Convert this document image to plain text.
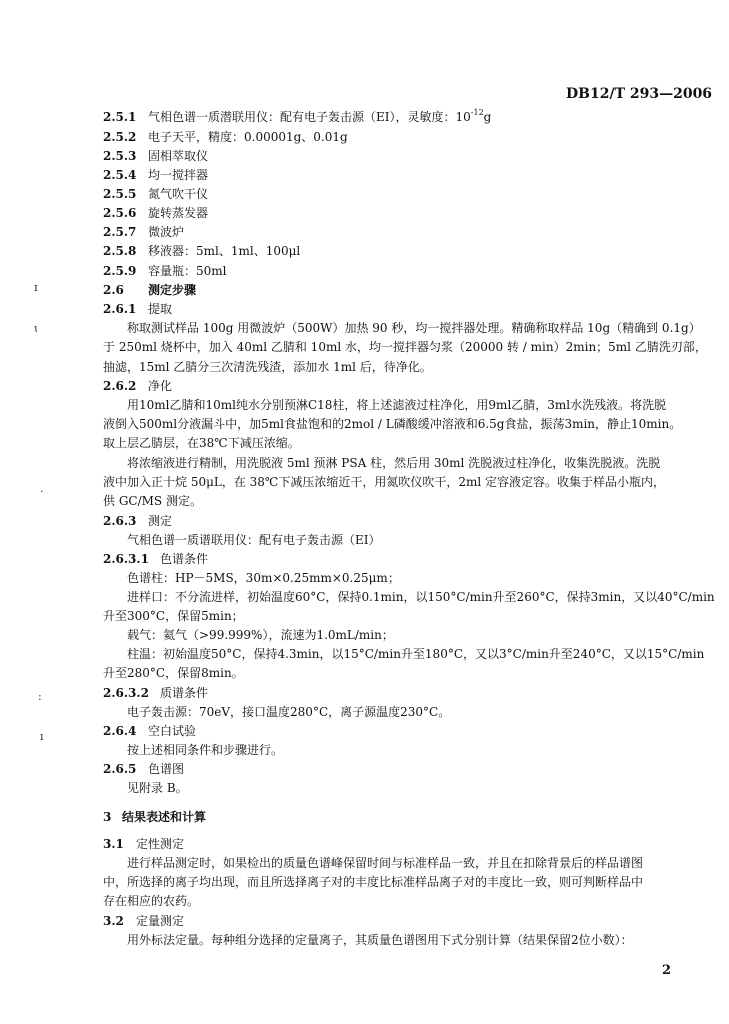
DB12/T 293—2006
2.5.1 气相色谱一质潜联用仪：配有电子轰击源（EI），灵敏度：$10^{-12}g$
2.5.2 电子天平，精度：0.00001g、0.01g
2.5.3 固相萃取仪
2.5.4 均一搅拌器
2.5.5 氮气吹干仪
2.5.6 旋转蒸发器
2.5.7 微波炉
2.5.8 移液器：5ml、1ml、100μl
2.5.9 容量瓶：50ml
2.6 测定步骤
2.6.1 提取
称取测试样品 100g 用微波炉（500W）加热 90 秒，均一搅拌器处理。精确称取样品 10g（精确到 0.1g）
于 250ml 烧杯中，加入 40ml 乙腈和 10ml 水，均一搅拌器匀浆（20000 转 / min）2min；5ml 乙腈洗刃部，
抽滤，15ml 乙腈分三次清洗残渣，添加水 1ml 后，待净化。
2.6.2 净化
用10ml乙腈和10ml纯水分别预淋C18柱，将上述滤液过柱净化，用9ml乙腈，3ml水洗残液。将洗脱
液倒入500ml分液漏斗中，加5ml食盐饱和的2mol / L磷酸缓冲溶液和6.5g食盐，振荡3min，静止10min。
取上层乙腈层，在38℃下减压浓缩。
将浓缩液进行精制，用洗脱液 5ml 预淋 PSA 柱，然后用 30ml 洗脱液过柱净化，收集洗脱液。洗脱
液中加入正十烷 50μL，在 38℃下减压浓缩近干，用氮吹仪吹干，2ml 定容液定容。收集于样品小瓶内，
供 GC/MS 测定。
2.6.3 测定
气相色谱一质谱联用仪：配有电子轰击源（EI）
2.6.3.1 色谱条件
色谱柱：HP－5MS，30m×0.25mm×0.25μm；
进样口：不分流进样，初始温度60°C，保持0.1min，以150°C/min升至260°C，保持3min，又以40°C/min
升至300°C，保留5min；
载气：氦气（>99.999%），流速为1.0mL/min；
柱温：初始温度50°C，保持4.3min，以15°C/min升至180°C，又以3°C/min升至240°C，又以15°C/min
升至280°C，保留8min。
2.6.3.2 质谱条件
电子轰击源：70eV，接口温度280°C，离子源温度230°C。
2.6.4 空白试验
按上述相同条件和步骤进行。
2.6.5 色谱图
见附录 B。
3 结果表述和计算
3.1 定性测定
进行样品测定时，如果检出的质量色谱峰保留时间与标准样品一致，并且在扣除背景后的样品谱图
中，所选择的离子均出现，而且所选择离子对的丰度比标准样品离子对的丰度比一致，则可判断样品中
存在相应的农药。
3.2 定量测定
用外标法定量。每种组分选择的定量离子，其质量色谱图用下式分别计算（结果保留2位小数）：
2
ɪ
ɩ
.
:
ı
